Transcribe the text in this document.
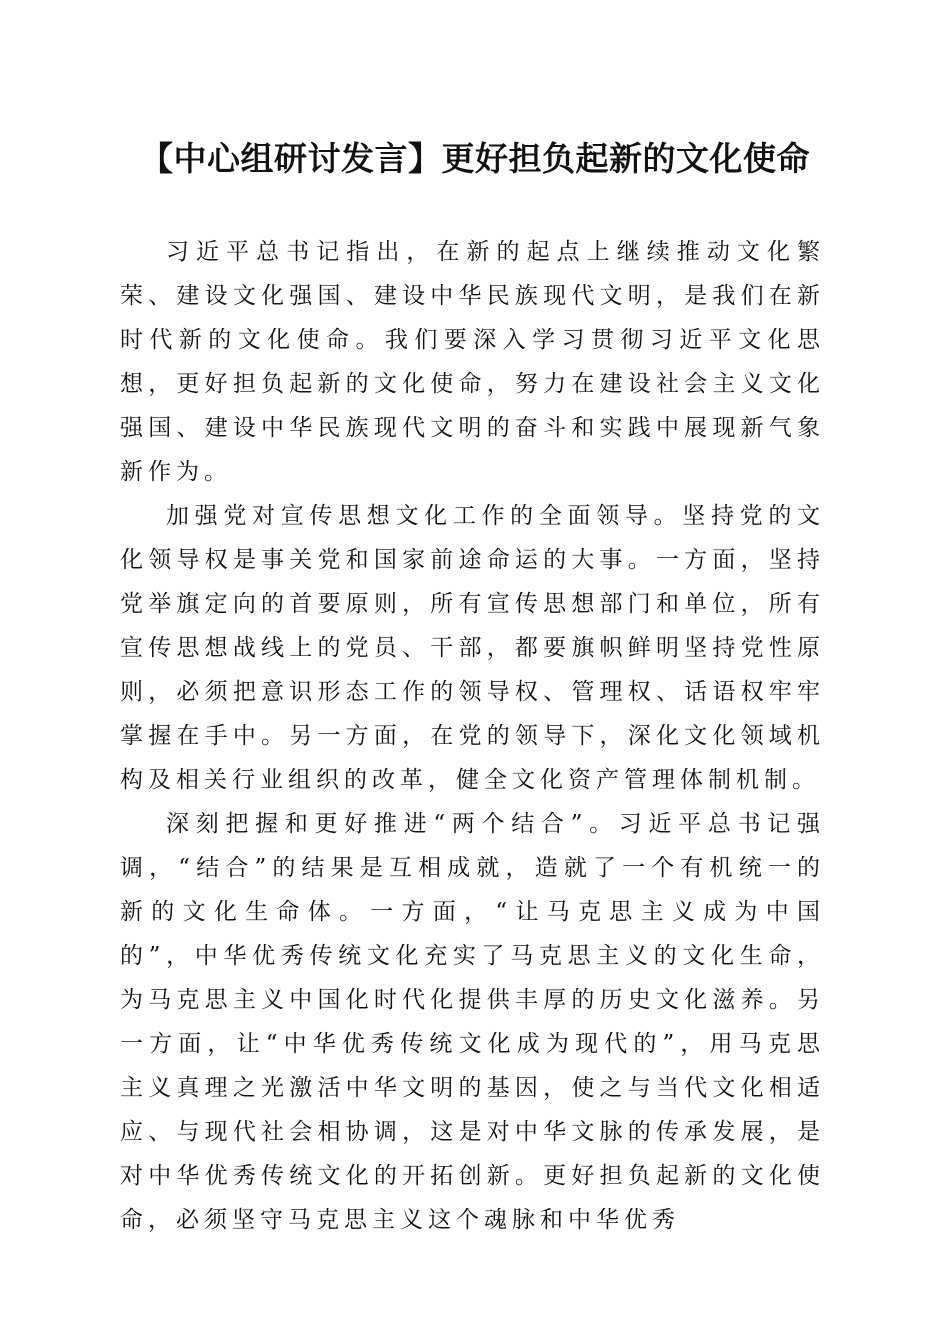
【中心组研讨发言】更好担负起新的文化使命

习近平总书记指出，在新的起点上继续推动文化繁荣、建设文化强国、建设中华民族现代文明，是我们在新时代新的文化使命。我们要深入学习贯彻习近平文化思想，更好担负起新的文化使命，努力在建设社会主义文化强国、建设中华民族现代文明的奋斗和实践中展现新气象新作为。

加强党对宣传思想文化工作的全面领导。坚持党的文化领导权是事关党和国家前途命运的大事。一方面，坚持党举旗定向的首要原则，所有宣传思想部门和单位，所有宣传思想战线上的党员、干部，都要旗帜鲜明坚持党性原则，必须把意识形态工作的领导权、管理权、话语权牢牢掌握在手中。另一方面，在党的领导下，深化文化领域机构及相关行业组织的改革，健全文化资产管理体制机制。

深刻把握和更好推进“两个结合”。习近平总书记强调，“结合”的结果是互相成就，造就了一个有机统一的新的文化生命体。一方面，“让马克思主义成为中国的”，中华优秀传统文化充实了马克思主义的文化生命，为马克思主义中国化时代化提供丰厚的历史文化滋养。另一方面，让“中华优秀传统文化成为现代的”，用马克思主义真理之光激活中华文明的基因，使之与当代文化相适应、与现代社会相协调，这是对中华文脉的传承发展，是对中华优秀传统文化的开拓创新。更好担负起新的文化使命，必须坚守马克思主义这个魂脉和中华优秀
